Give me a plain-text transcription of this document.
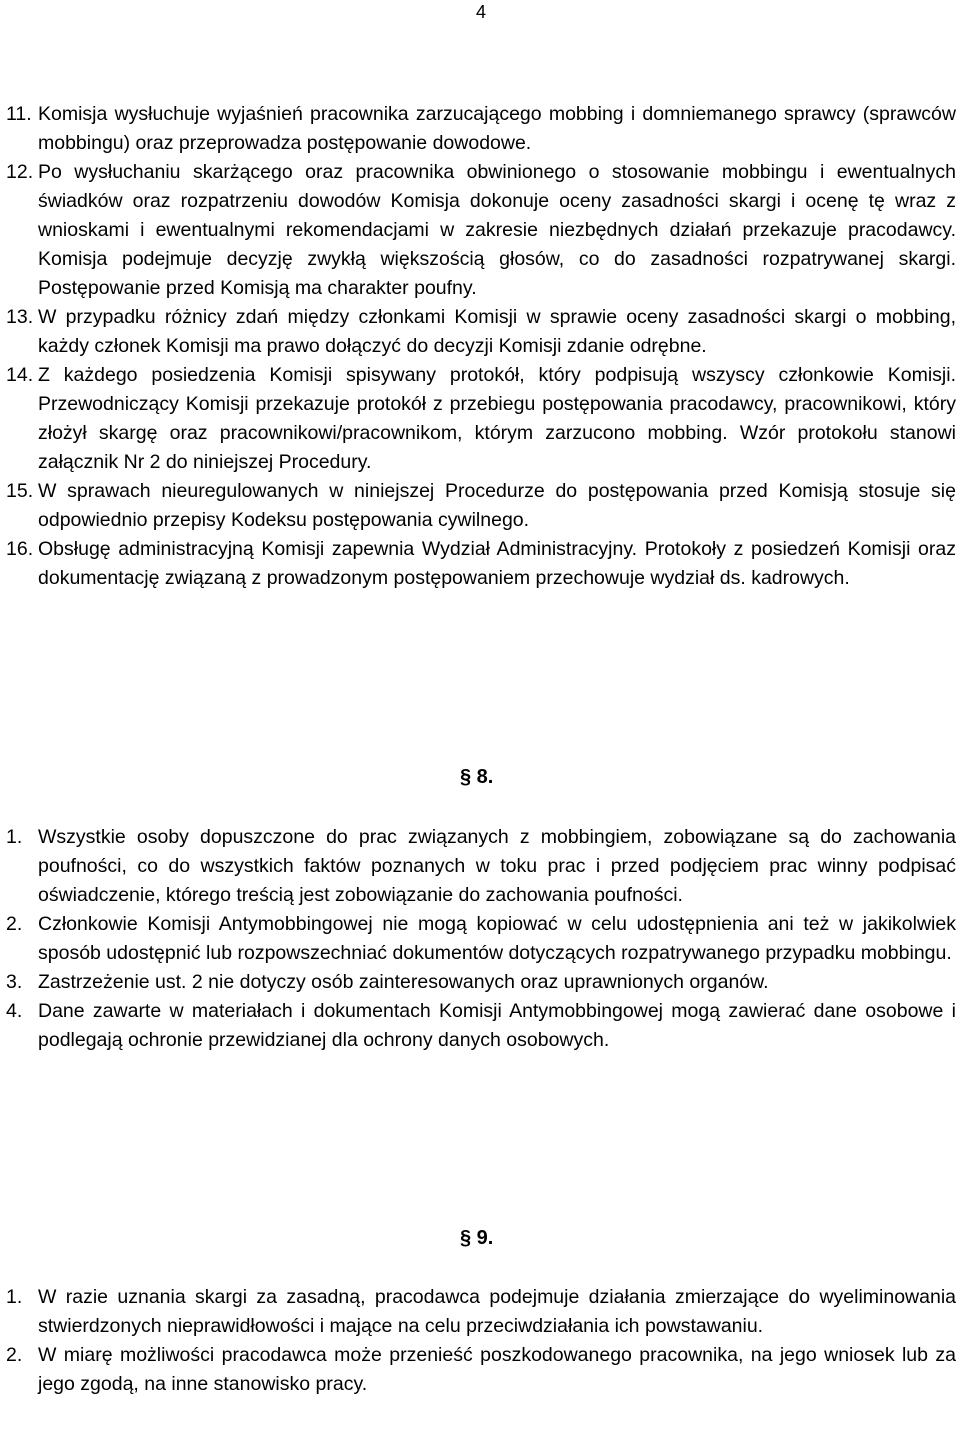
4
11. Komisja wysłuchuje wyjaśnień pracownika zarzucającego mobbing i domniemanego sprawcy (sprawców mobbingu) oraz przeprowadza postępowanie dowodowe.
12. Po wysłuchaniu skarżącego oraz pracownika obwinionego o stosowanie mobbingu i ewentualnych świadków oraz rozpatrzeniu dowodów Komisja dokonuje oceny zasadności skargi i ocenę tę wraz z wnioskami i ewentualnymi rekomendacjami w zakresie niezbędnych działań przekazuje pracodawcy. Komisja podejmuje decyzję zwykłą większością głosów, co do zasadności rozpatrywanej skargi. Postępowanie przed Komisją ma charakter poufny.
13. W przypadku różnicy zdań między członkami Komisji w sprawie oceny zasadności skargi o mobbing, każdy członek Komisji ma prawo dołączyć do decyzji Komisji zdanie odrębne.
14. Z każdego posiedzenia Komisji spisywany protokół, który podpisują wszyscy członkowie Komisji. Przewodniczący Komisji przekazuje protokół z przebiegu postępowania pracodawcy, pracownikowi, który złożył skargę oraz pracownikowi/pracownikom, którym zarzucono mobbing. Wzór protokołu stanowi załącznik Nr 2 do niniejszej Procedury.
15. W sprawach nieuregulowanych w niniejszej Procedurze do postępowania przed Komisją stosuje się odpowiednio przepisy Kodeksu postępowania cywilnego.
16. Obsługę administracyjną Komisji zapewnia Wydział Administracyjny. Protokoły z posiedzeń Komisji oraz dokumentację związaną z prowadzonym postępowaniem przechowuje wydział ds. kadrowych.
§ 8.
1. Wszystkie osoby dopuszczone do prac związanych z mobbingiem, zobowiązane są do zachowania poufności, co do wszystkich faktów poznanych w toku prac i przed podjęciem prac winny podpisać oświadczenie, którego treścią jest zobowiązanie do zachowania poufności.
2. Członkowie Komisji Antymobbingowej nie mogą kopiować w celu udostępnienia ani też w jakikolwiek sposób udostępnić lub rozpowszechniać dokumentów dotyczących rozpatrywanego przypadku mobbingu.
3. Zastrzeżenie ust. 2 nie dotyczy osób zainteresowanych oraz uprawnionych organów.
4. Dane zawarte w materiałach i dokumentach Komisji Antymobbingowej mogą zawierać dane osobowe i podlegają ochronie przewidzianej dla ochrony danych osobowych.
§ 9.
1. W razie uznania skargi za zasadną, pracodawca podejmuje działania zmierzające do wyeliminowania stwierdzonych nieprawidłowości i mające na celu przeciwdziałania ich powstawaniu.
2. W miarę możliwości pracodawca może przenieść poszkodowanego pracownika, na jego wniosek lub za jego zgodą, na inne stanowisko pracy.
